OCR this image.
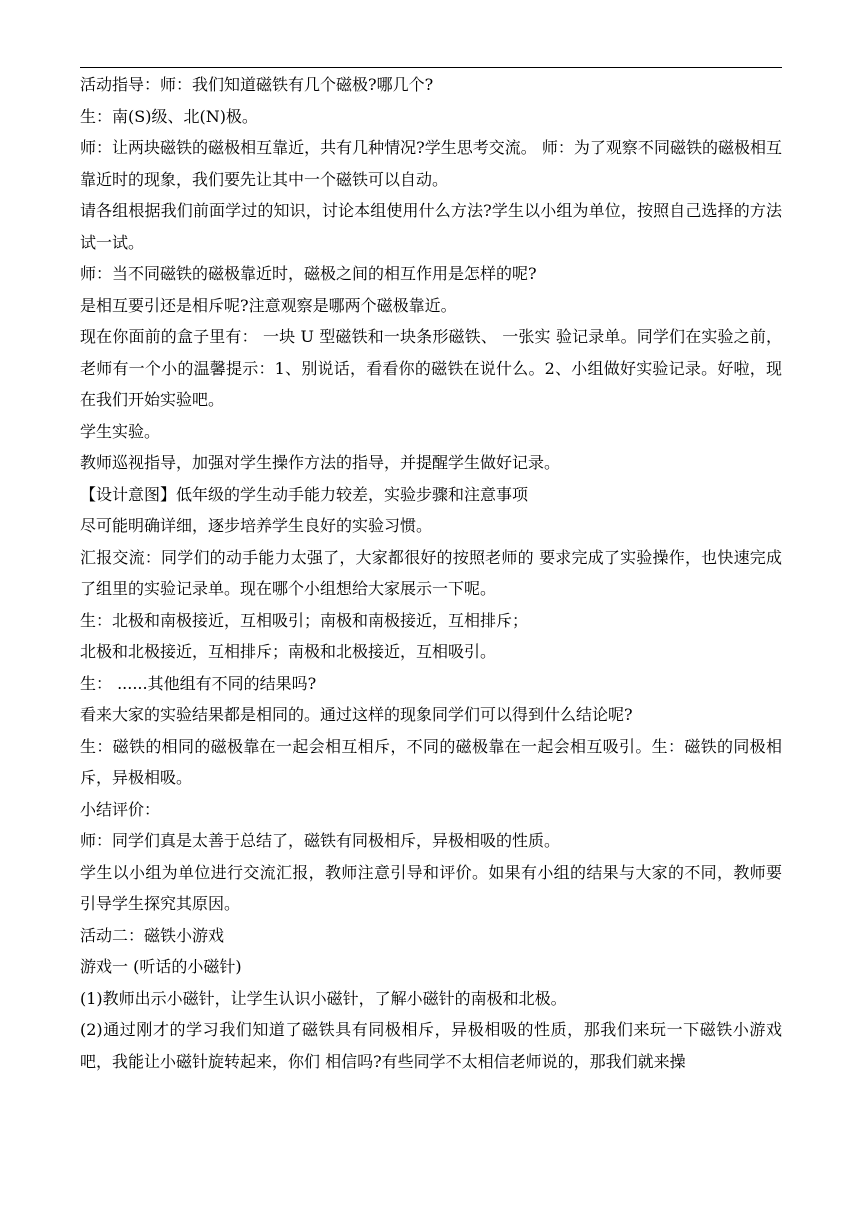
活动指导：师：我们知道磁铁有几个磁极?哪几个?

生：南(S)级、北(N)极。

师：让两块磁铁的磁极相互靠近，共有几种情况?学生思考交流。 师：为了观察不同磁铁的磁极相互靠近时的现象，我们要先让其中一个磁铁可以自动。

请各组根据我们前面学过的知识，讨论本组使用什么方法?学生以小组为单位，按照自己选择的方法试一试。

师：当不同磁铁的磁极靠近时，磁极之间的相互作用是怎样的呢?

是相互要引还是相斥呢?注意观察是哪两个磁极靠近。

现在你面前的盒子里有： 一块 U 型磁铁和一块条形磁铁、 一张实 验记录单。同学们在实验之前，老师有一个小的温馨提示：1、别说话，看看你的磁铁在说什么。2、小组做好实验记录。好啦，现在我们开始实验吧。

学生实验。

教师巡视指导，加强对学生操作方法的指导，并提醒学生做好记录。

【设计意图】低年级的学生动手能力较差，实验步骤和注意事项

尽可能明确详细，逐步培养学生良好的实验习惯。

汇报交流：同学们的动手能力太强了，大家都很好的按照老师的 要求完成了实验操作，也快速完成了组里的实验记录单。现在哪个小组想给大家展示一下呢。

生：北极和南极接近，互相吸引；南极和南极接近，互相排斥；

北极和北极接近，互相排斥；南极和北极接近，互相吸引。

生： ......其他组有不同的结果吗?

看来大家的实验结果都是相同的。通过这样的现象同学们可以得到什么结论呢?

生：磁铁的相同的磁极靠在一起会相互相斥，不同的磁极靠在一起会相互吸引。生：磁铁的同极相斥，异极相吸。

小结评价：

师：同学们真是太善于总结了，磁铁有同极相斥，异极相吸的性质。

学生以小组为单位进行交流汇报，教师注意引导和评价。如果有小组的结果与大家的不同，教师要引导学生探究其原因。

活动二：磁铁小游戏

游戏一 (听话的小磁针)

(1)教师出示小磁针，让学生认识小磁针，了解小磁针的南极和北极。

(2)通过刚才的学习我们知道了磁铁具有同极相斥，异极相吸的性质，那我们来玩一下磁铁小游戏吧，我能让小磁针旋转起来，你们 相信吗?有些同学不太相信老师说的，那我们就来操
